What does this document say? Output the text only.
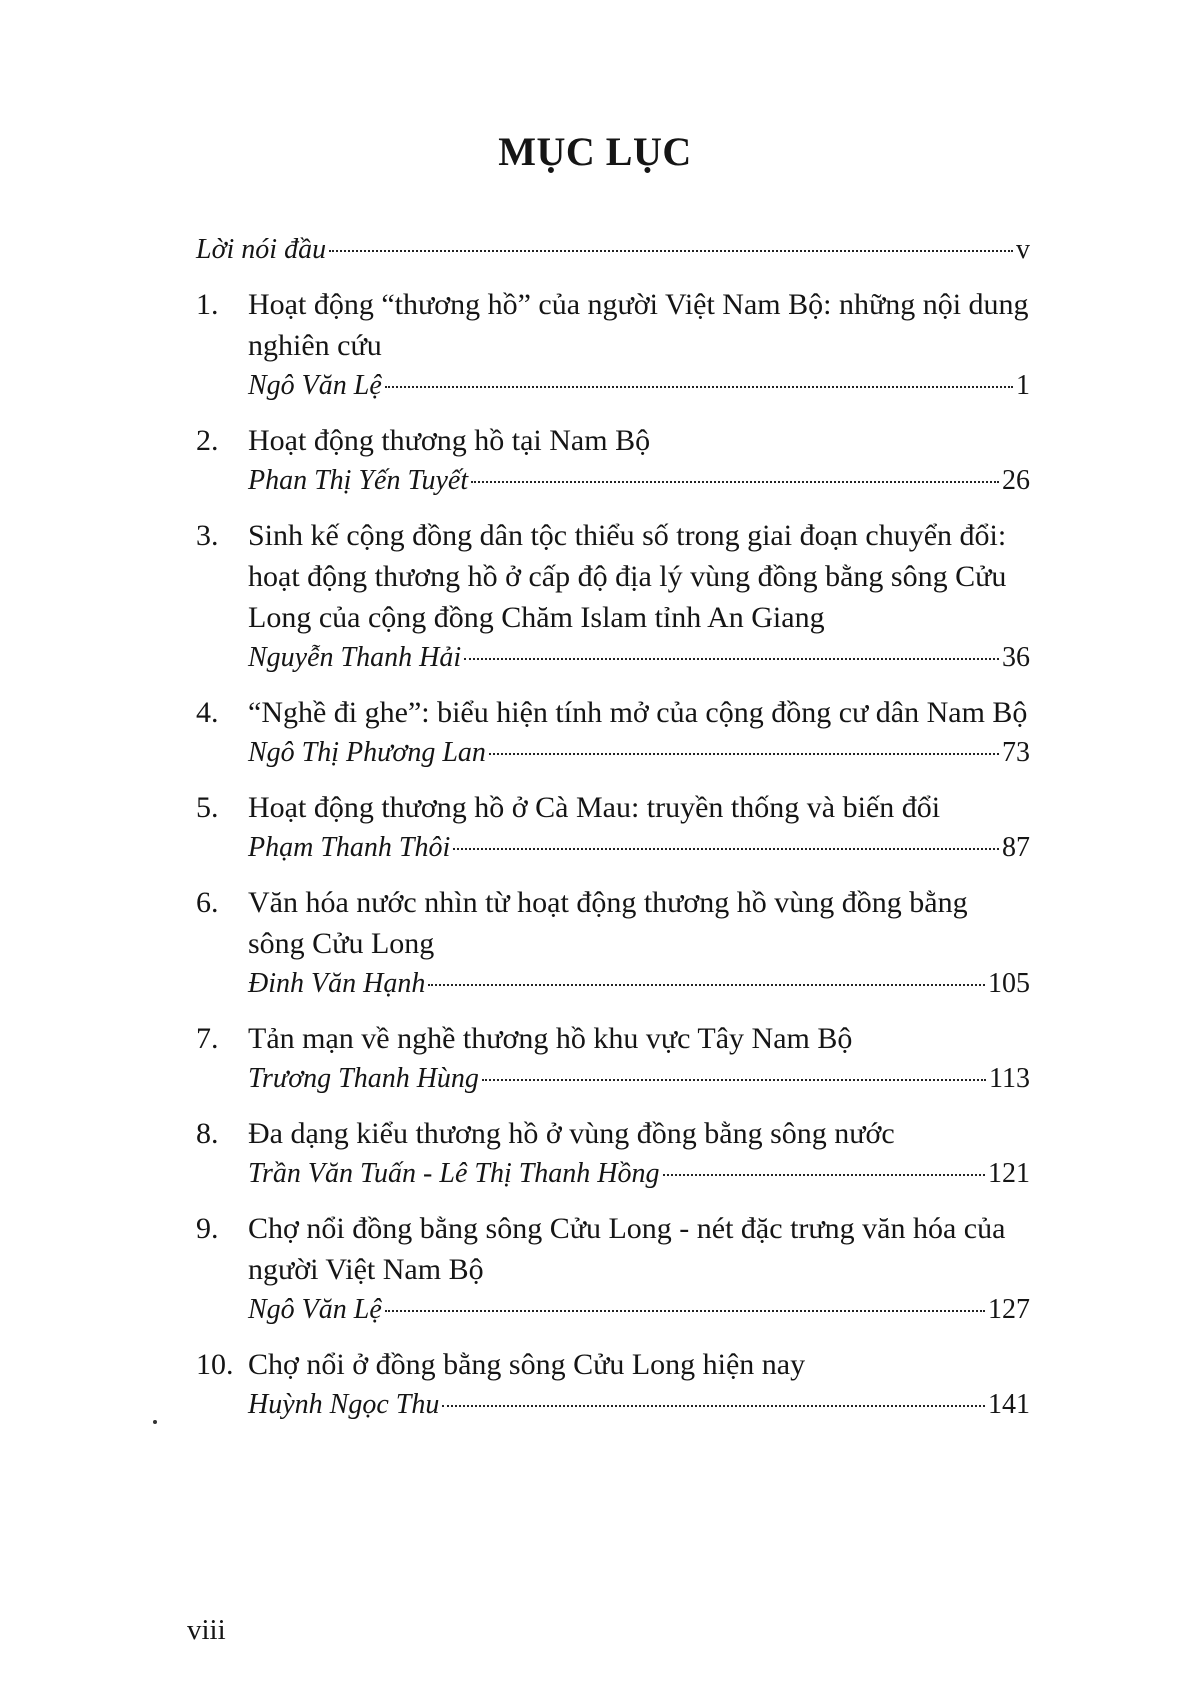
MỤC LỤC
Lời nói đầu	v
1. Hoạt động “thương hồ” của người Việt Nam Bộ: những nội dung nghiên cứu

Ngô Văn Lệ	1
2. Hoạt động thương hồ tại Nam Bộ

Phan Thị Yến Tuyết	26
3. Sinh kế cộng đồng dân tộc thiểu số trong giai đoạn chuyển đổi: hoạt động thương hồ ở cấp độ địa lý vùng đồng bằng sông Cửu Long của cộng đồng Chăm Islam tỉnh An Giang

Nguyễn Thanh Hải	36
4. “Nghề đi ghe”: biểu hiện tính mở của cộng đồng cư dân Nam Bộ

Ngô Thị Phương Lan	73
5. Hoạt động thương hồ ở Cà Mau: truyền thống và biến đổi

Phạm Thanh Thôi	87
6. Văn hóa nước nhìn từ hoạt động thương hồ vùng đồng bằng sông Cửu Long

Đinh Văn Hạnh	105
7. Tản mạn về nghề thương hồ khu vực Tây Nam Bộ

Trương Thanh Hùng	113
8. Đa dạng kiểu thương hồ ở vùng đồng bằng sông nước

Trần Văn Tuấn - Lê Thị Thanh Hồng	121
9. Chợ nổi đồng bằng sông Cửu Long - nét đặc trưng văn hóa của người Việt Nam Bộ

Ngô Văn Lệ	127
10. Chợ nổi ở đồng bằng sông Cửu Long hiện nay

Huỳnh Ngọc Thu	141
viii
